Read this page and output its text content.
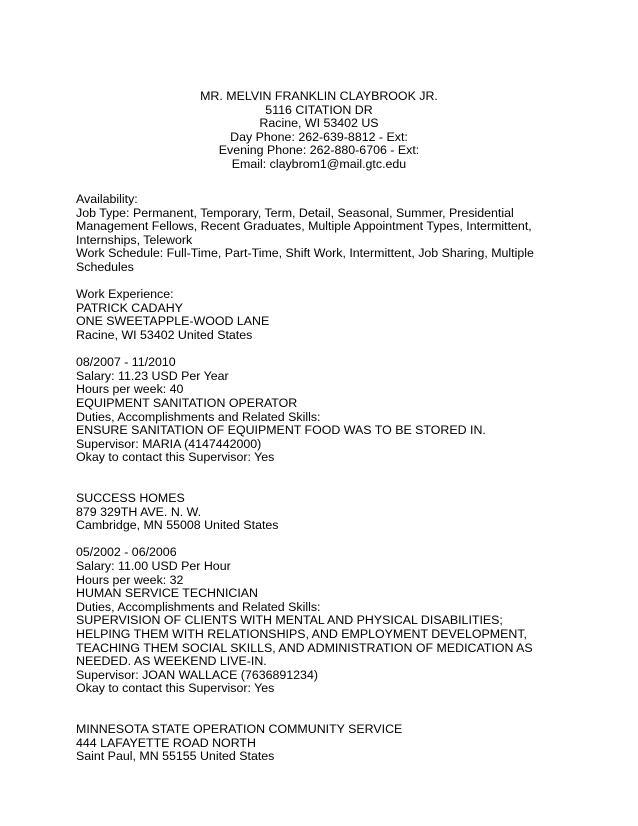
MR. MELVIN FRANKLIN CLAYBROOK JR.
5116 CITATION DR
Racine, WI 53402 US
Day Phone: 262-639-8812 - Ext:
Evening Phone: 262-880-6706 - Ext:
Email: claybrom1@mail.gtc.edu
Availability:
Job Type: Permanent, Temporary, Term, Detail, Seasonal, Summer, Presidential Management Fellows, Recent Graduates, Multiple Appointment Types, Intermittent, Internships, Telework
Work Schedule: Full-Time, Part-Time, Shift Work, Intermittent, Job Sharing, Multiple Schedules
Work Experience:
PATRICK CADAHY
ONE SWEETAPPLE-WOOD LANE
Racine, WI 53402 United States
08/2007 - 11/2010
Salary: 11.23 USD Per Year
Hours per week: 40
EQUIPMENT SANITATION OPERATOR
Duties, Accomplishments and Related Skills:
ENSURE SANITATION OF EQUIPMENT FOOD WAS TO BE STORED IN.
Supervisor: MARIA (4147442000)
Okay to contact this Supervisor: Yes
SUCCESS HOMES
879 329TH AVE. N. W.
Cambridge, MN 55008 United States
05/2002 - 06/2006
Salary: 11.00 USD Per Hour
Hours per week: 32
HUMAN SERVICE TECHNICIAN
Duties, Accomplishments and Related Skills:
SUPERVISION OF CLIENTS WITH MENTAL AND PHYSICAL DISABILITIES; HELPING THEM WITH RELATIONSHIPS, AND EMPLOYMENT DEVELOPMENT, TEACHING THEM SOCIAL SKILLS, AND ADMINISTRATION OF MEDICATION AS NEEDED. AS WEEKEND LIVE-IN.
Supervisor: JOAN WALLACE (7636891234)
Okay to contact this Supervisor: Yes
MINNESOTA STATE OPERATION COMMUNITY SERVICE
444 LAFAYETTE ROAD NORTH
Saint Paul, MN 55155 United States
